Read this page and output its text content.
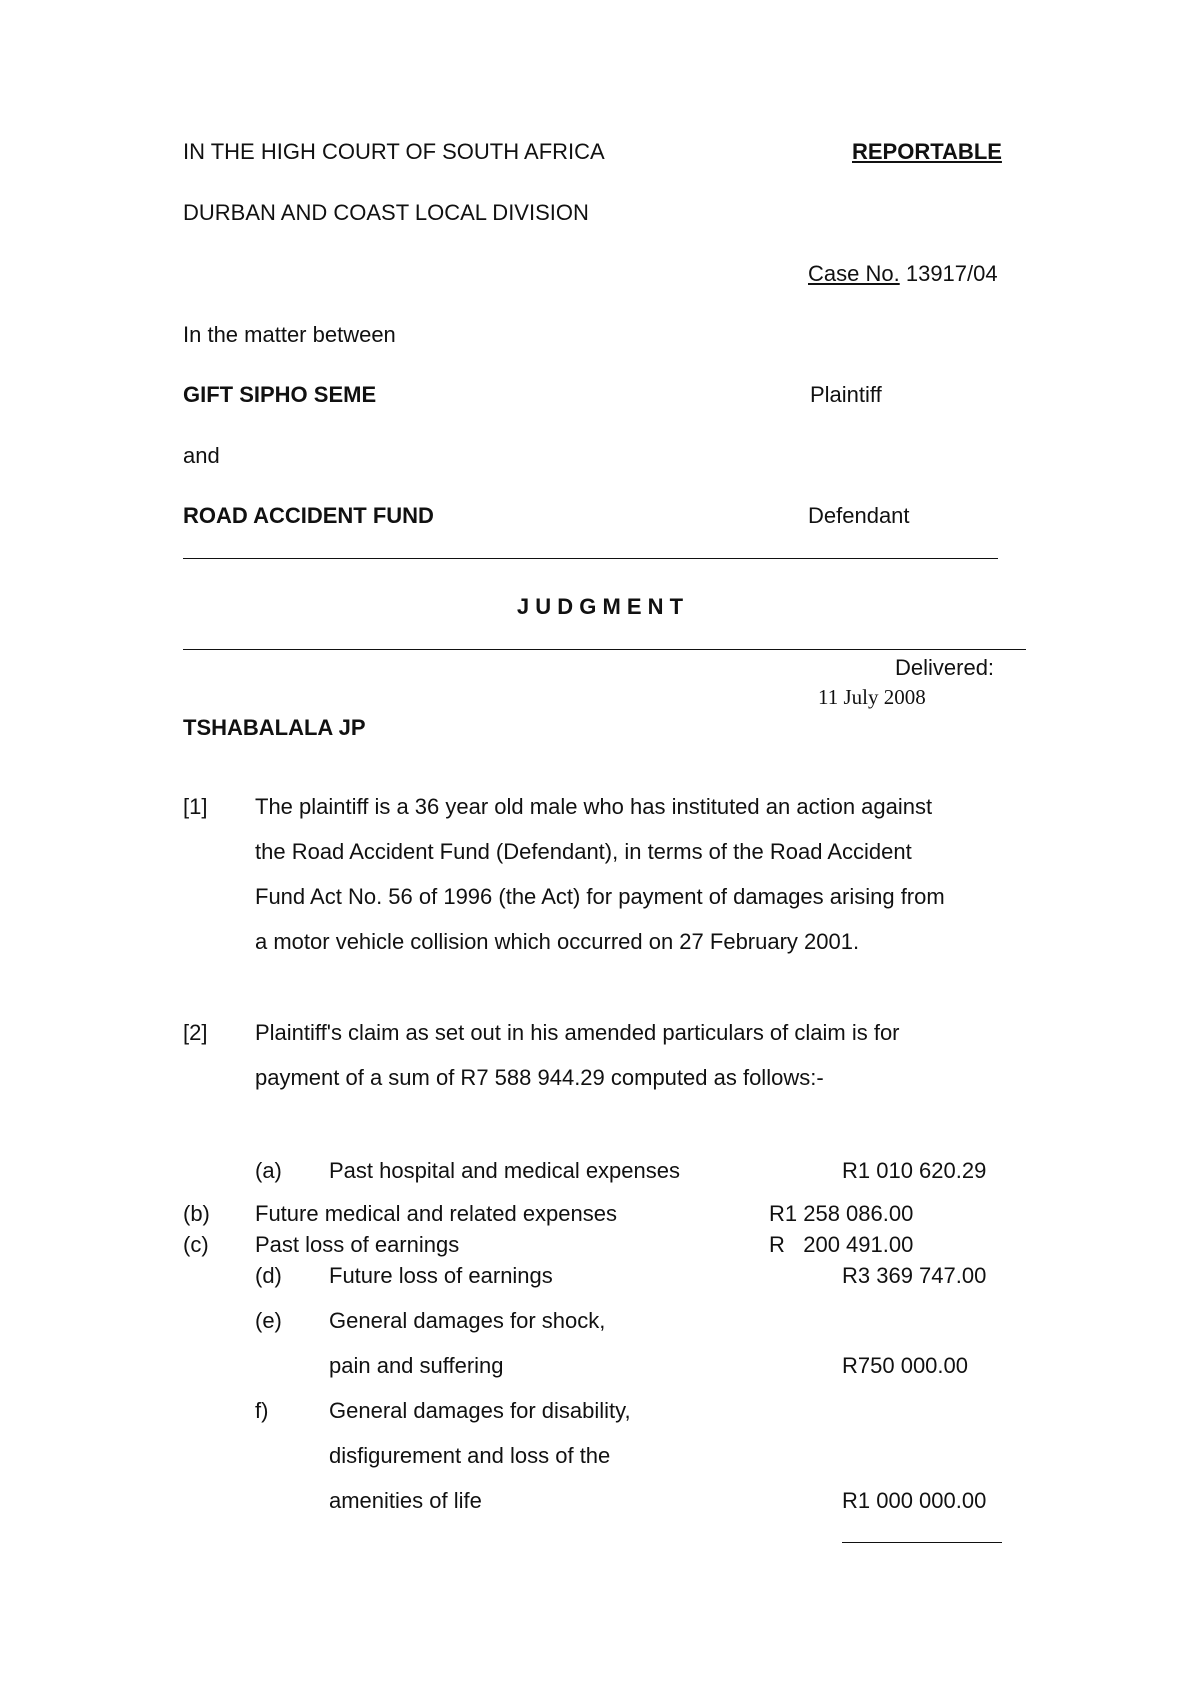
IN THE HIGH COURT OF SOUTH AFRICA	REPORTABLE
DURBAN AND COAST LOCAL DIVISION
Case No. 13917/04
In the matter between
GIFT SIPHO SEME	Plaintiff
and
ROAD ACCIDENT FUND	Defendant
J U D G M E N T
Delivered:
11 July 2008
TSHABALALA JP
[1] The plaintiff is a 36 year old male who has instituted an action against
the Road Accident Fund (Defendant), in terms of the Road Accident
Fund Act No. 56 of 1996 (the Act) for payment of damages arising from
a motor vehicle collision which occurred on 27 February 2001.
[2] Plaintiff's claim as set out in his amended particulars of claim is for
payment of a sum of R7 588 944.29 computed as follows:-
(a) Past hospital and medical expenses	R1 010 620.29
(b) Future medical and related expenses	R1 258 086.00
(c) Past loss of earnings	R   200 491.00
(d) Future loss of earnings	R3 369 747.00
(e) General damages for shock,
pain and suffering	R750 000.00
f)	General damages for disability,
disfigurement and loss of the
amenities of life	R1 000 000.00
